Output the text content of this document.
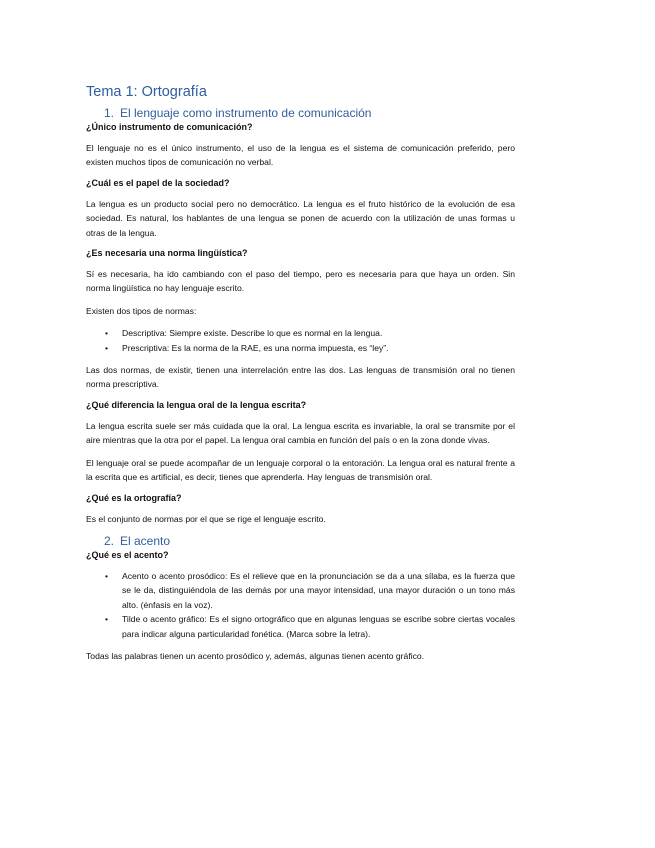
Tema 1: Ortografía
1. El lenguaje como instrumento de comunicación
¿Único instrumento de comunicación?

El lenguaje no es el único instrumento, el uso de la lengua es el sistema de comunicación preferido, pero existen muchos tipos de comunicación no verbal.

¿Cuál es el papel de la sociedad?

La lengua es un producto social pero no democrático. La lengua es el fruto histórico de la evolución de esa sociedad. Es natural, los hablantes de una lengua se ponen de acuerdo con la utilización de unas formas u otras de la lengua.

¿Es necesaria una norma lingüística?

Sí es necesaria, ha ido cambiando con el paso del tiempo, pero es necesaria para que haya un orden. Sin norma lingüística no hay lenguaje escrito.

Existen dos tipos de normas:

• Descriptiva: Siempre existe. Describe lo que es normal en la lengua.
• Prescriptiva: Es la norma de la RAE, es una norma impuesta, es “ley”.

Las dos normas, de existir, tienen una interrelación entre las dos. Las lenguas de transmisión oral no tienen norma prescriptiva.

¿Qué diferencia la lengua oral de la lengua escrita?

La lengua escrita suele ser más cuidada que la oral. La lengua escrita es invariable, la oral se transmite por el aire mientras que la otra por el papel. La lengua oral cambia en función del país o en la zona donde vivas.

El lenguaje oral se puede acompañar de un lenguaje corporal o la entoración. La lengua oral es natural frente a la escrita que es artificial, es decir, tienes que aprenderla. Hay lenguas de transmisión oral.

¿Qué es la ortografía?

Es el conjunto de normas por el que se rige el lenguaje escrito.

2. El acento
¿Qué es el acento?
• Acento o acento prosódico: Es el relieve que en la pronunciación se da a una sílaba, es la fuerza que se le da, distinguiéndola de las demás por una mayor intensidad, una mayor duración o un tono más alto. (énfasis en la voz).
• Tilde o acento gráfico: Es el signo ortográfico que en algunas lenguas se escribe sobre ciertas vocales para indicar alguna particularidad fonética. (Marca sobre la letra).

Todas las palabras tienen un acento prosódico y, además, algunas tienen acento gráfico.
